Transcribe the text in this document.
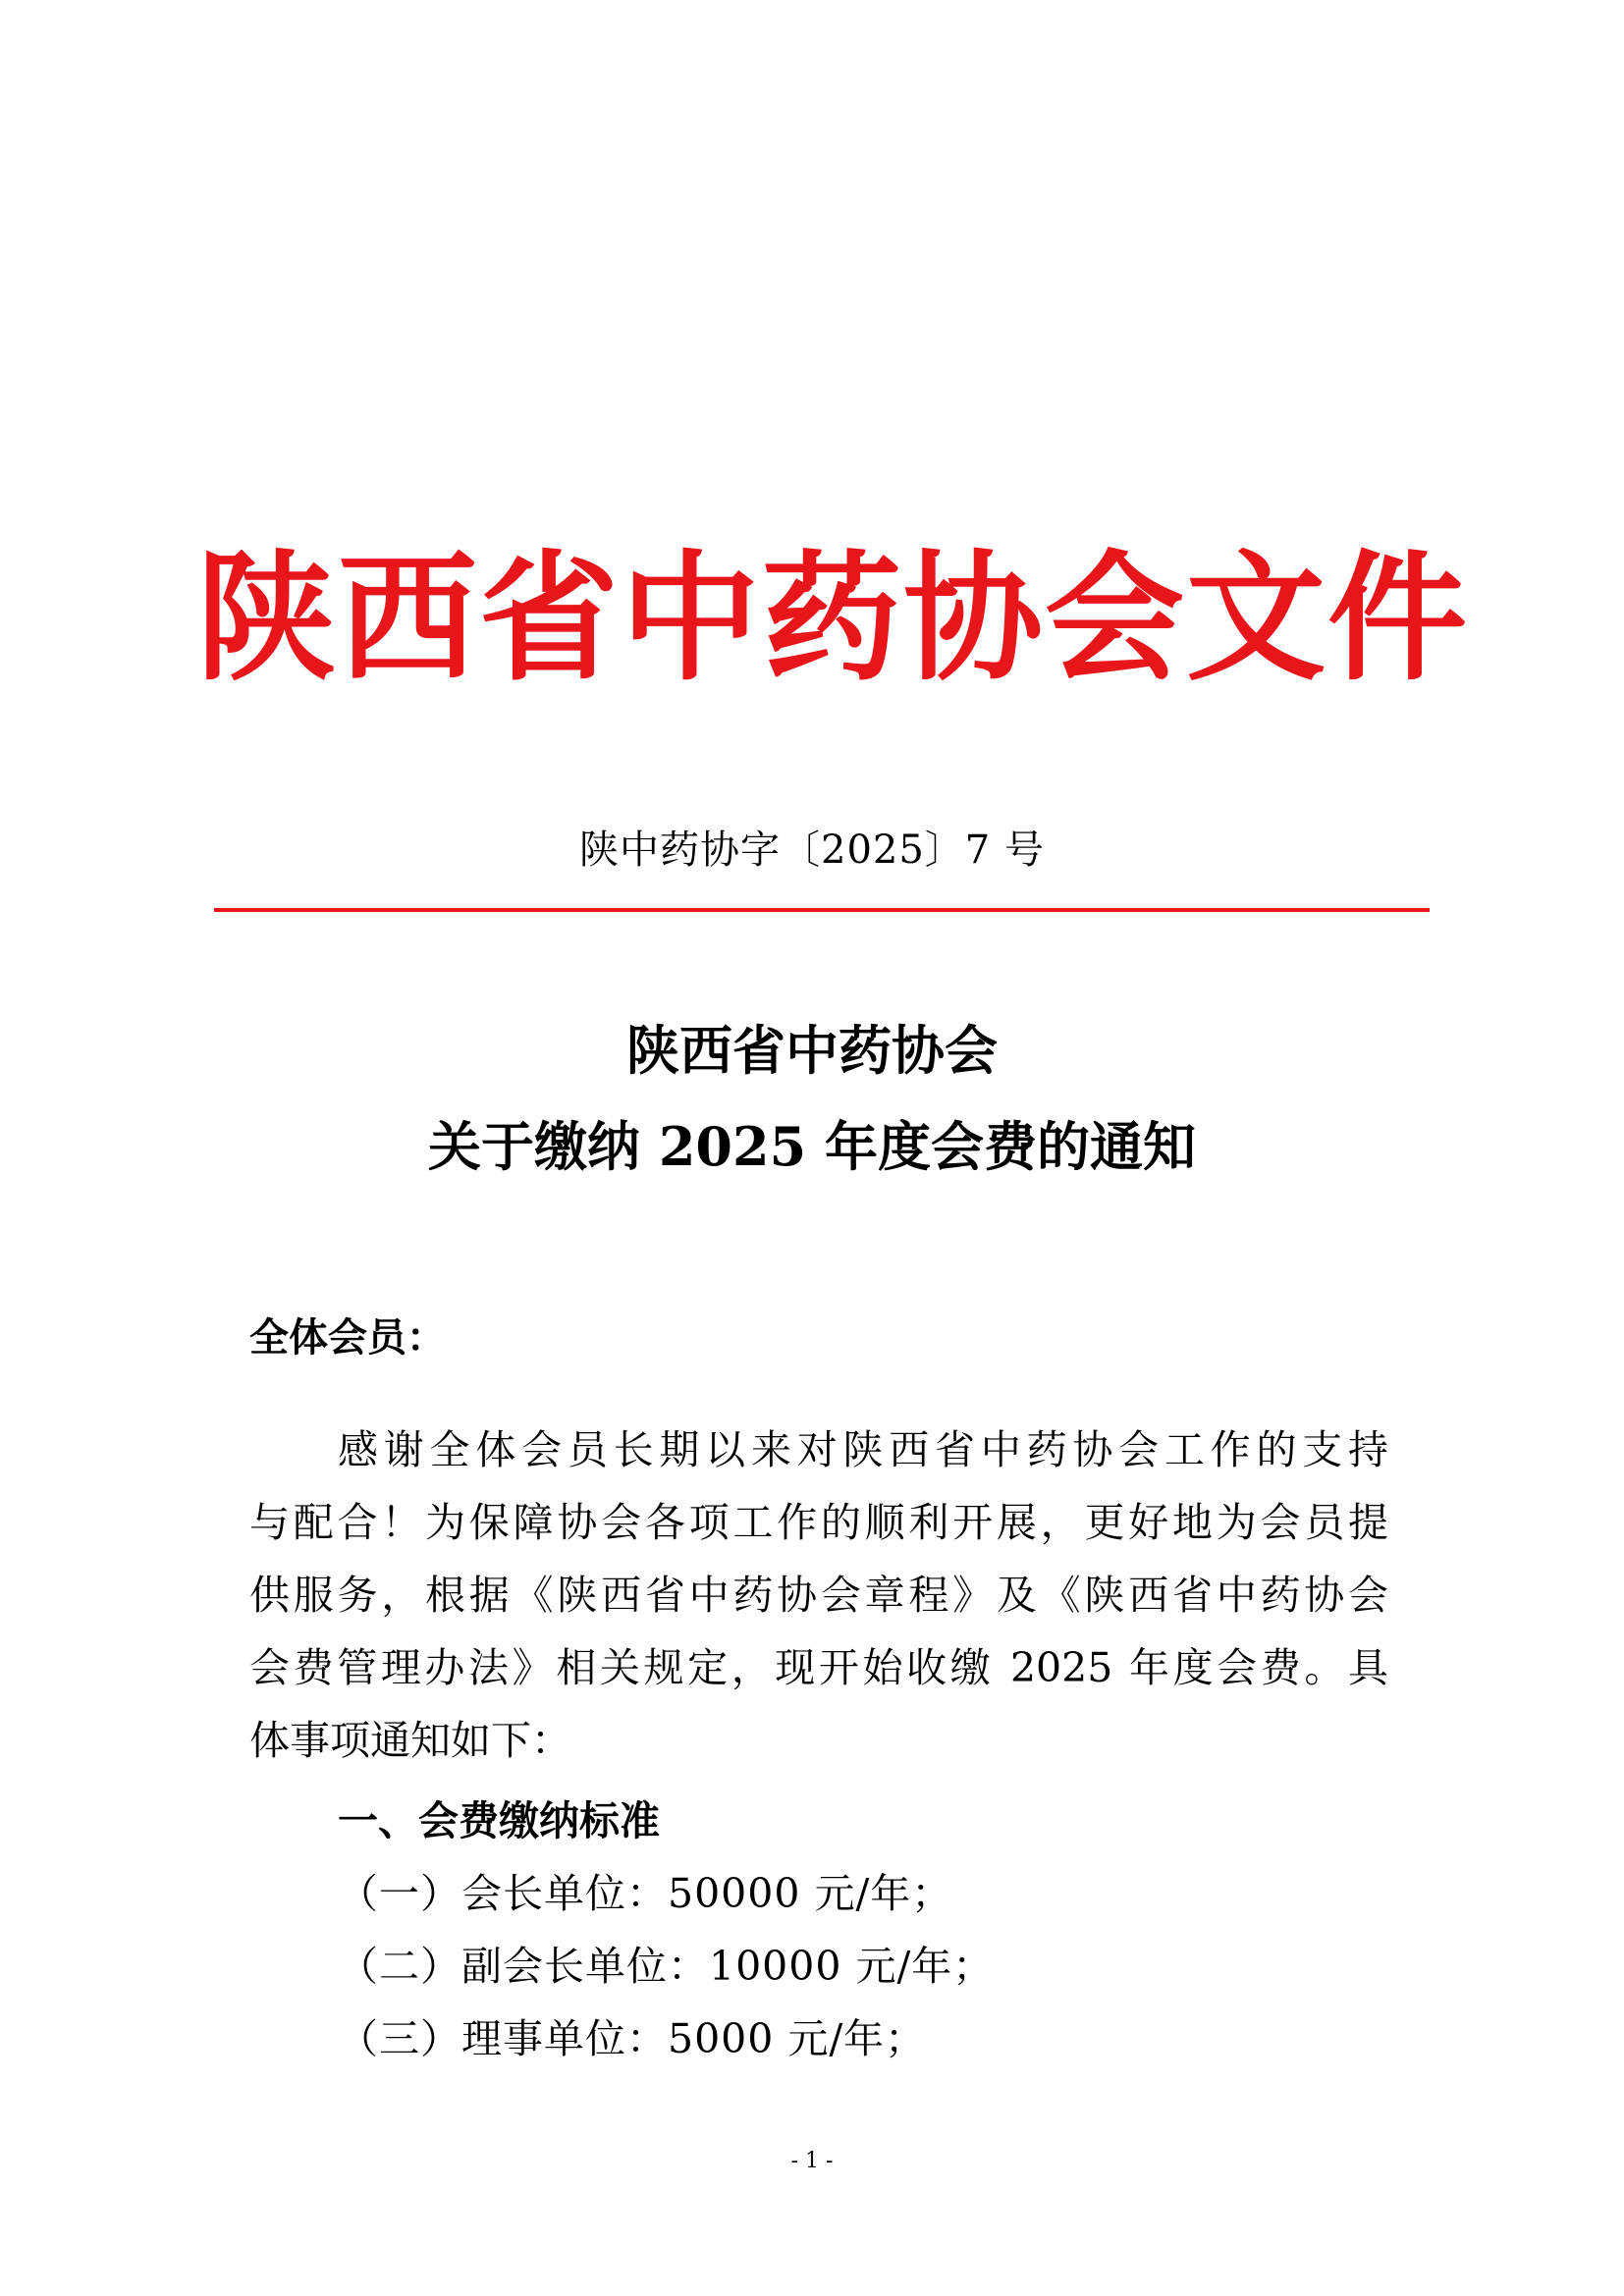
陕西省中药协会文件
陕中药协字〔2025〕7 号
陕西省中药协会
关于缴纳 2025 年度会费的通知
全体会员：
感谢全体会员长期以来对陕西省中药协会工作的支持
与配合！为保障协会各项工作的顺利开展，更好地为会员提
供服务，根据《陕西省中药协会章程》及《陕西省中药协会
会费管理办法》相关规定，现开始收缴 2025 年度会费。具
体事项通知如下：
一、会费缴纳标准
（一）会长单位：50000 元/年；
（二）副会长单位：10000 元/年；
（三）理事单位：5000 元/年；
- 1 -
